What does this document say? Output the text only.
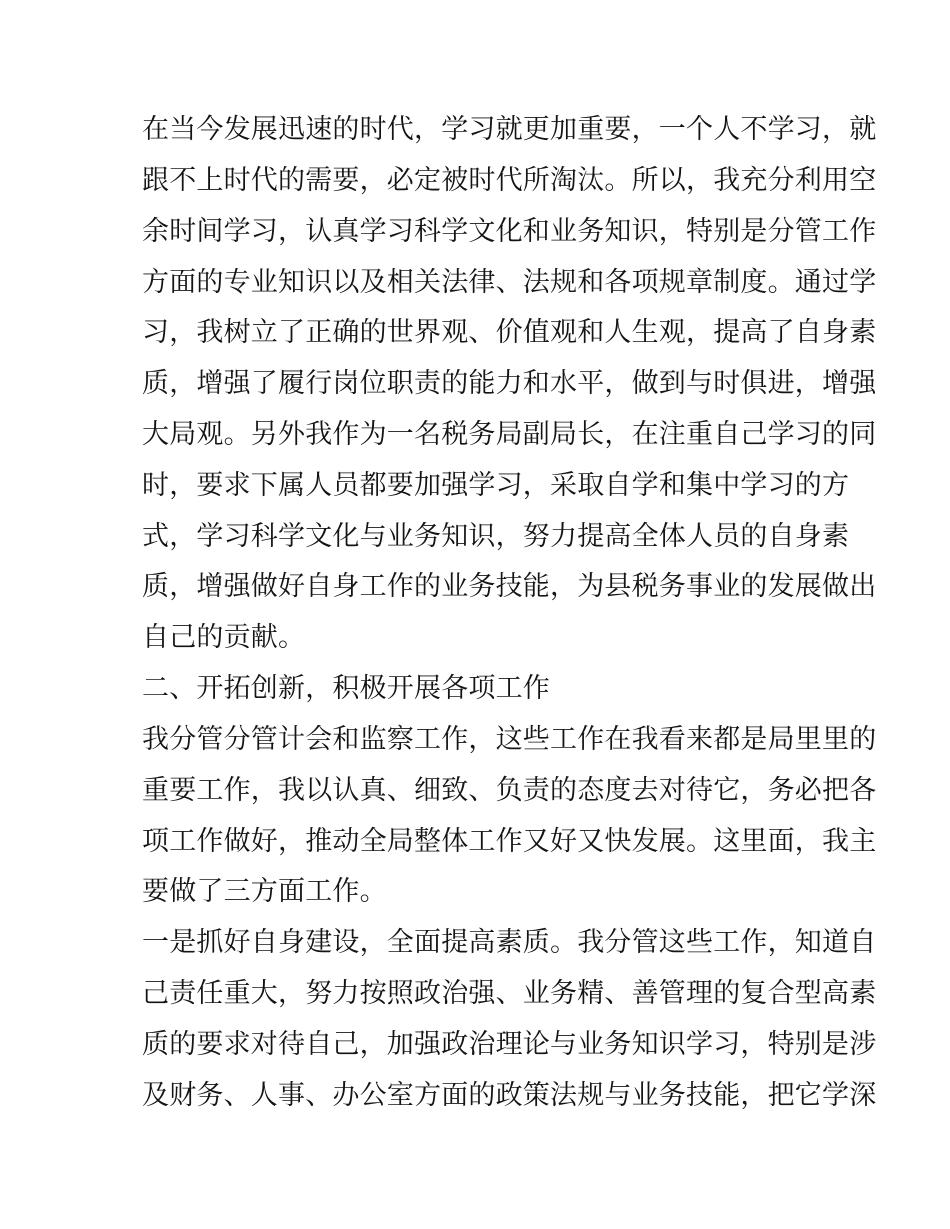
在当今发展迅速的时代，学习就更加重要，一个人不学习，就
跟不上时代的需要，必定被时代所淘汰。所以，我充分利用空
余时间学习，认真学习科学文化和业务知识，特别是分管工作
方面的专业知识以及相关法律、法规和各项规章制度。通过学
习，我树立了正确的世界观、价值观和人生观，提高了自身素
质，增强了履行岗位职责的能力和水平，做到与时俱进，增强
大局观。另外我作为一名税务局副局长，在注重自己学习的同
时，要求下属人员都要加强学习，采取自学和集中学习的方
式，学习科学文化与业务知识，努力提高全体人员的自身素
质，增强做好自身工作的业务技能，为县税务事业的发展做出
自己的贡献。
二、开拓创新，积极开展各项工作
我分管分管计会和监察工作，这些工作在我看来都是局里里的
重要工作，我以认真、细致、负责的态度去对待它，务必把各
项工作做好，推动全局整体工作又好又快发展。这里面，我主
要做了三方面工作。
一是抓好自身建设，全面提高素质。我分管这些工作，知道自
己责任重大，努力按照政治强、业务精、善管理的复合型高素
质的要求对待自己，加强政治理论与业务知识学习，特别是涉
及财务、人事、办公室方面的政策法规与业务技能，把它学深
